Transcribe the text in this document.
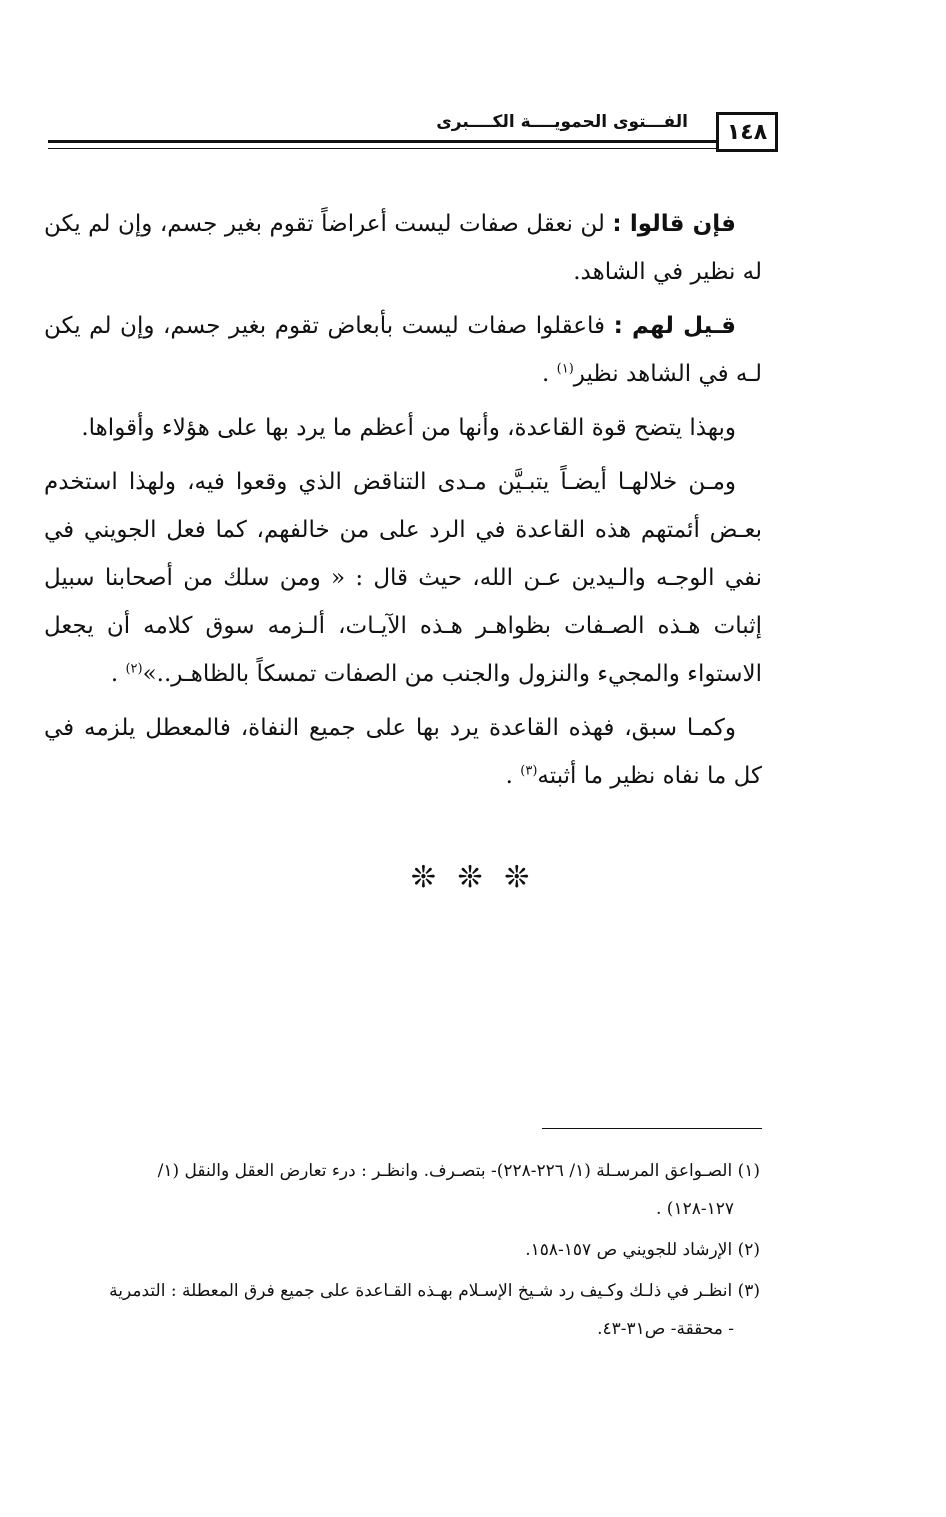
١٤٨
الفـــتوى الحمويــــة الكــــبرى

فإن قالوا : لن نعقل صفات ليست أعراضاً تقوم بغير جسم، وإن لم يكن له نظير في الشاهد.

قـيل لهم : فاعقلوا صفات ليست بأبعاض تقوم بغير جسم، وإن لم يكن لـه في الشاهد نظير$^{(١)}$ .

وبهذا يتضح قوة القاعدة، وأنها من أعظم ما يرد بها على هؤلاء وأقواها.

ومـن خلالهـا أيضـاً يتبـيَّن مـدى التناقض الذي وقعوا فيه، ولهذا استخدم بعـض أئمتهم هذه القاعدة في الرد على من خالفهم، كما فعل الجويني في نفي الوجـه والـيدين عـن الله، حيث قال : « ومن سلك من أصحابنا سبيل إثبات هـذه الصـفات بظواهـر هـذه الآيـات، ألـزمه سوق كلامه أن يجعل الاستواء والمجيء والنزول والجنب من الصفات تمسكاً بالظاهـر..»$^{(٢)}$ .

وكمـا سبق، فهذه القاعدة يرد بها على جميع النفاة، فالمعطل يلزمه في كل ما نفاه نظير ما أثبته$^{(٣)}$ .

❊ ❊ ❊

(١) الصـواعق المرسـلة (١/ ٢٢٦-٢٢٨)- بتصـرف. وانظـر : درء تعارض العقل والنقل (١/
١٢٧-١٢٨) .

(٢) الإرشاد للجويني ص ١٥٧-١٥٨.

(٣) انظـر في ذلـك وكـيف رد شـيخ الإسـلام بهـذه القـاعدة على جميع فرق المعطلة : التدمرية
- محققة- ص٣١-٤٣.
